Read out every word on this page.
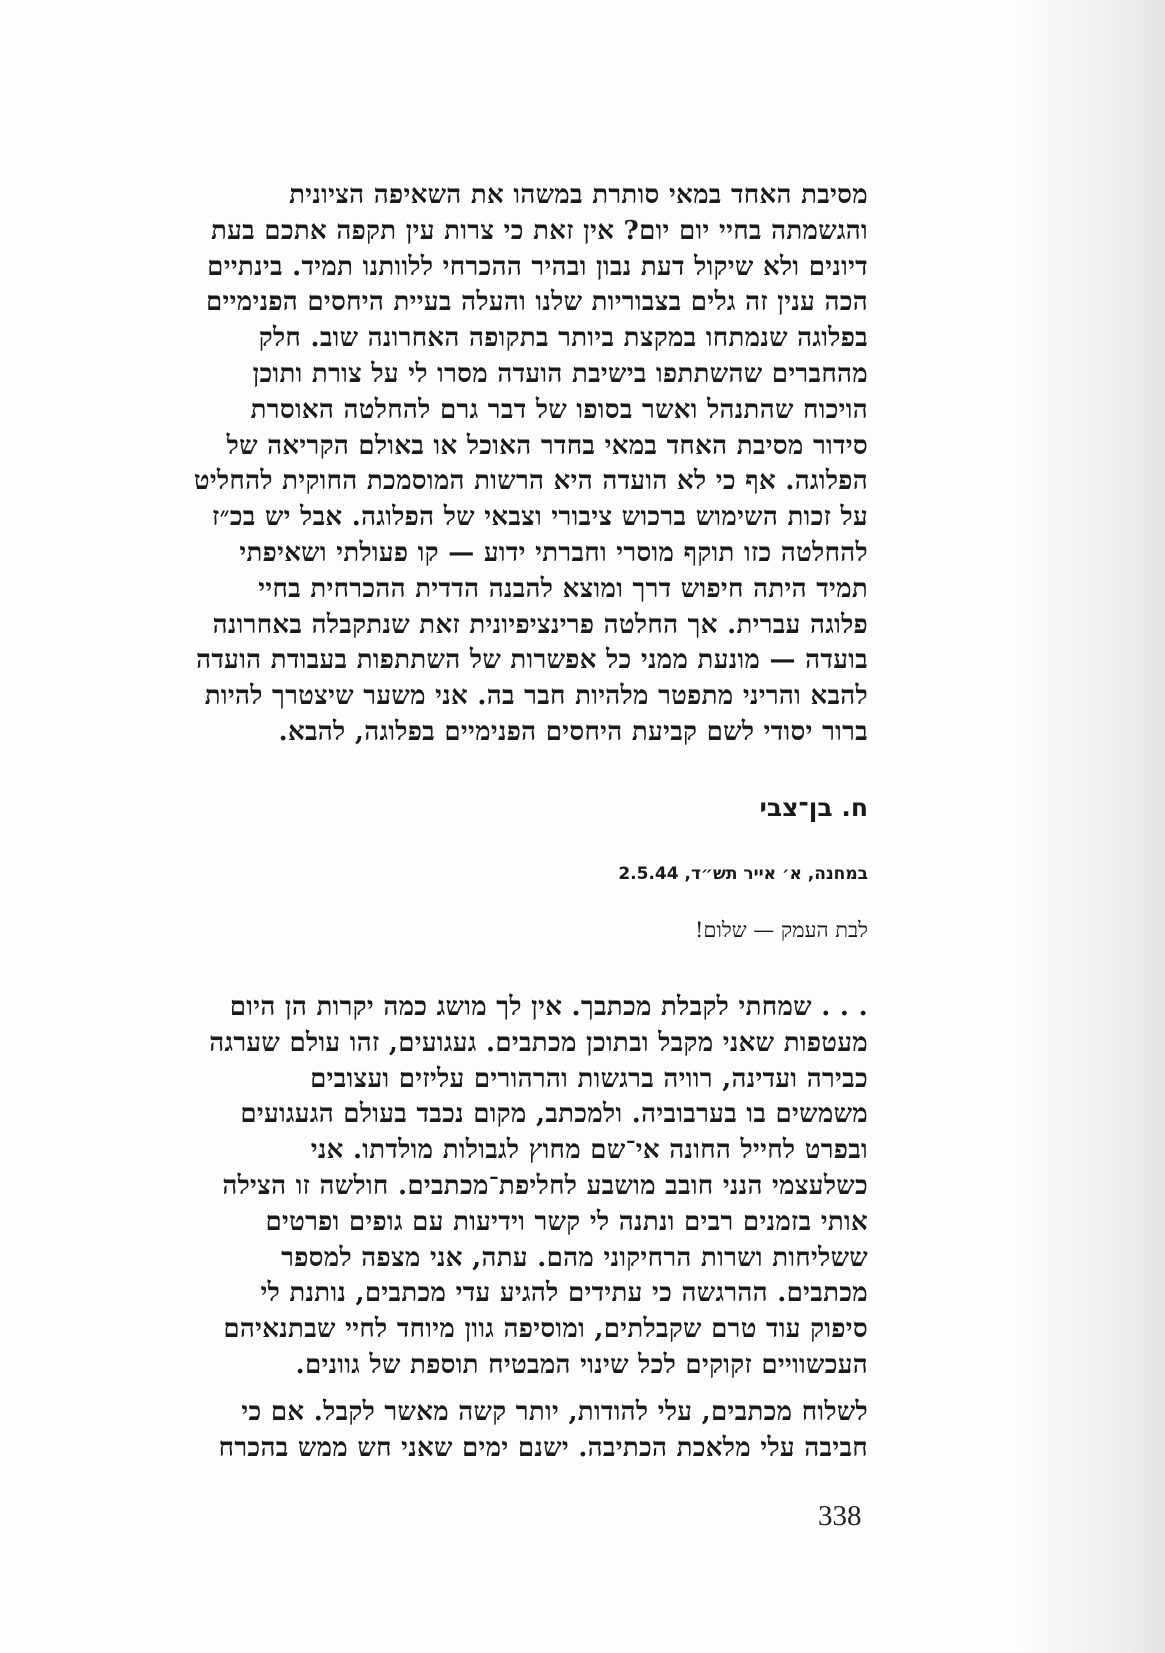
מסיבת האחד במאי סותרת במשהו את השאיפה הציונית
והגשמתה בחיי יום יום? אין זאת כי צרות עין תקפה אתכם בעת
דיונים ולא שיקול דעת נבון ובהיר ההכרחי ללוותנו תמיד. בינתיים
הכה ענין זה גלים בצבוריות שלנו והעלה בעיית היחסים הפנימיים
בפלוגה שנמתחו במקצת ביותר בתקופה האחרונה שוב. חלק
מהחברים שהשתתפו בישיבת הועדה מסרו לי על צורת ותוכן
הויכוח שהתנהל ואשר בסופו של דבר גרם להחלטה האוסרת
סידור מסיבת האחד במאי בחדר האוכל או באולם הקריאה של
הפלוגה. אף כי לא הועדה היא הרשות המוסמכת החוקית להחליט
על זכות השימוש ברכוש ציבורי וצבאי של הפלוגה. אבל יש בכ״ז
להחלטה כזו תוקף מוסרי וחברתי ידוע — קו פעולתי ושאיפתי
תמיד היתה חיפוש דרך ומוצא להבנה הדדית ההכרחית בחיי
פלוגה עברית. אך החלטה פרינציפיונית זאת שנתקבלה באחרונה
בועדה — מונעת ממני כל אפשרות של השתתפות בעבודת הועדה
להבא והריני מתפטר מלהיות חבר בה. אני משער שיצטרך להיות
ברור יסודי לשם קביעת היחסים הפנימיים בפלוגה, להבא.
ח. בן־צבי
במחנה, א׳ אייר תש״ד, 2.5.44
לבת העמק — שלום!
. . . שמחתי לקבלת מכתבך. אין לך מושג כמה יקרות הן היום
מעטפות שאני מקבל ובתוכן מכתבים. געגועים, זהו עולם שערגה
כבירה ועדינה, רוויה ברגשות והרהורים עליזים ועצובים
משמשים בו בערבוביה. ולמכתב, מקום נכבד בעולם הגעגועים
ובפרט לחייל החונה אי־שם מחוץ לגבולות מולדתו. אני
כשלעצמי הנני חובב מושבע לחליפת־מכתבים. חולשה זו הצילה
אותי בזמנים רבים ונתנה לי קשר וידיעות עם גופים ופרטים
ששליחות ושרות הרחיקוני מהם. עתה, אני מצפה למספר
מכתבים. ההרגשה כי עתידים להגיע עדי מכתבים, נותנת לי
סיפוק עוד טרם שקבלתים, ומוסיפה גוון מיוחד לחיי שבתנאיהם
העכשוויים זקוקים לכל שינוי המבטיח תוספת של גוונים.
לשלוח מכתבים, עלי להודות, יותר קשה מאשר לקבל. אם כי
חביבה עלי מלאכת הכתיבה. ישנם ימים שאני חש ממש בהכרח
338
